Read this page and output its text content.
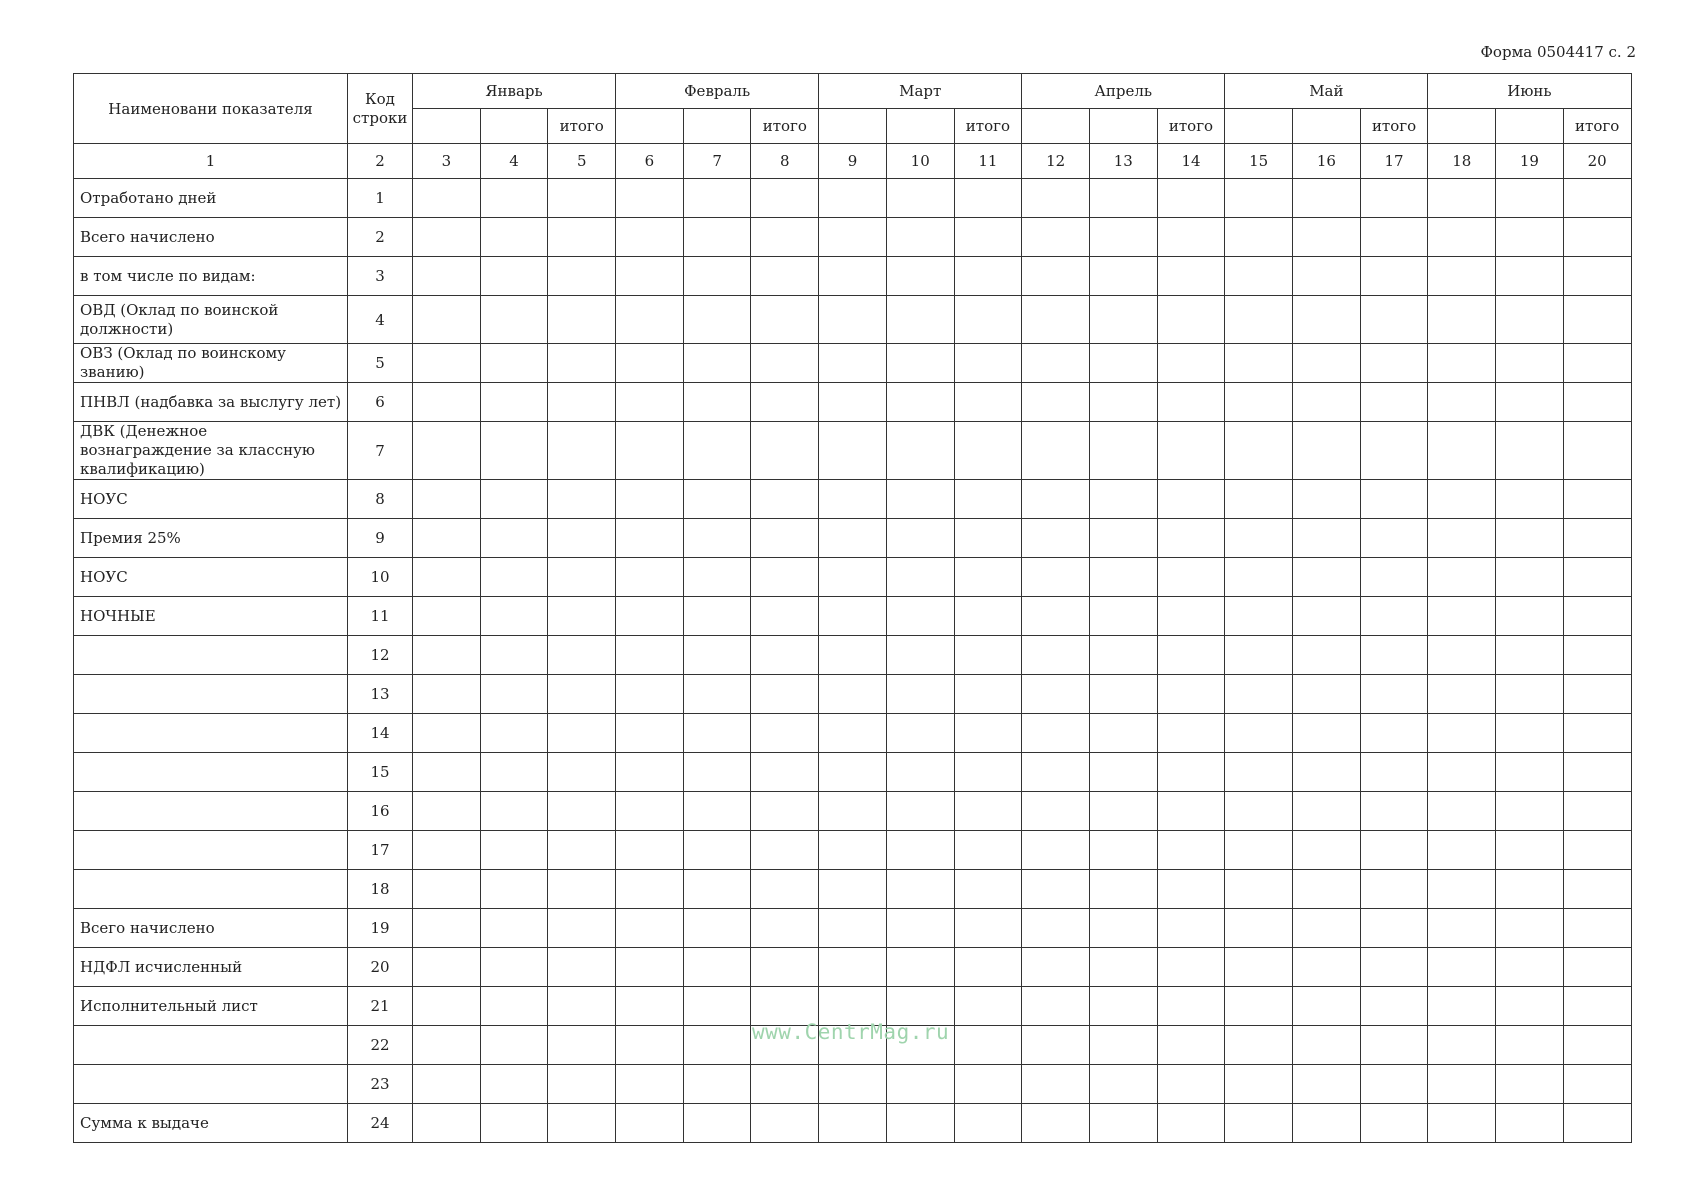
Форма 0504417 с. 2
Наименовани показателя	Код строки	Январь			Февраль			Март			Апрель			Май			Июнь		
				итого			итого			итого			итого			итого			итого
1	2	3	4	5	6	7	8	9	10	11	12	13	14	15	16	17	18	19	20
Отработано дней	1																		
Всего начислено	2																		
в том числе по видам:	3																		
ОВД (Оклад по воинской должности)	4																		
ОВЗ (Оклад по воинскому званию)	5																		
ПНВЛ (надбавка за выслугу лет)	6																		
ДВК (Денежное вознаграждение за классную квалификацию)	7																		
НОУС	8																		
Премия 25%	9																		
НОУС	10																		
НОЧНЫЕ	11																		
	12																		
	13																		
	14																		
	15																		
	16																		
	17																		
	18																		
Всего начислено	19																		
НДФЛ исчисленный	20																		
Исполнительный лист	21																		
	22																		
	23																		
Сумма к выдаче	24																		
www.CentrMag.ru
